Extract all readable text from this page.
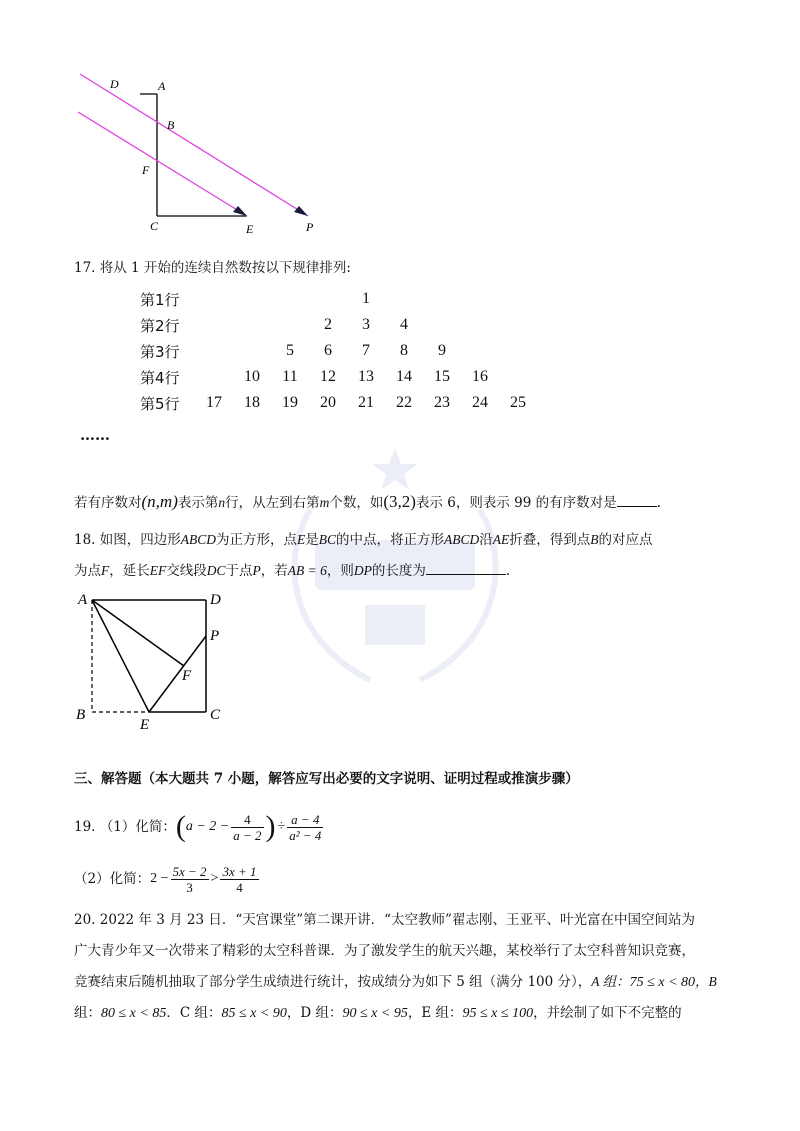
D	A
B
F
C	E	P
17. 将从 1 开始的连续自然数按以下规律排列:
第1行					1				
第2行				2	3	4			
第3行			5	6	7	8	9		
第4行		10	11	12	13	14	15	16	
第5行	17	18	19	20	21	22	23	24	25
……
若有序数对(n,m)表示第n行，从左到右第m个数，如(3,2)表示 6，则表示 99 的有序数对是	.
18. 如图，四边形ABCD为正方形，点E是BC的中点，将正方形ABCD沿AE折叠，得到点B的对应点
为点F，延长EF交线段DC于点P，若AB = 6，则DP的长度为	.
A	D
P
F
B
E
C
三、解答题（本大题共 7 小题，解答应写出必要的文字说明、证明过程或推演步骤）
19. （1）化简： ( $a - 2 - \frac{4}{a - 2}$ ) ÷ $\frac{a - 4}{\text{a² − 4}}$
（2）化简： $2 - \frac{5x - 2}{3} > \frac{3x + 1}{4}$
20. 2022 年 3 月 23 日．“天宫课堂”第二课开讲．“太空教师”翟志刚、王亚平、叶光富在中国空间站为
广大青少年又一次带来了精彩的太空科普课．为了激发学生的航天兴趣，某校举行了太空科普知识竞赛，
竞赛结束后随机抽取了部分学生成绩进行统计，按成绩分为如下 5 组（满分 100 分），A 组：75 ≤ x < 80，B
组：80 ≤ x < 85．C 组：85 ≤ x < 90，D 组：90 ≤ x < 95，E 组：95 ≤ x ≤ 100，并绘制了如下不完整的
